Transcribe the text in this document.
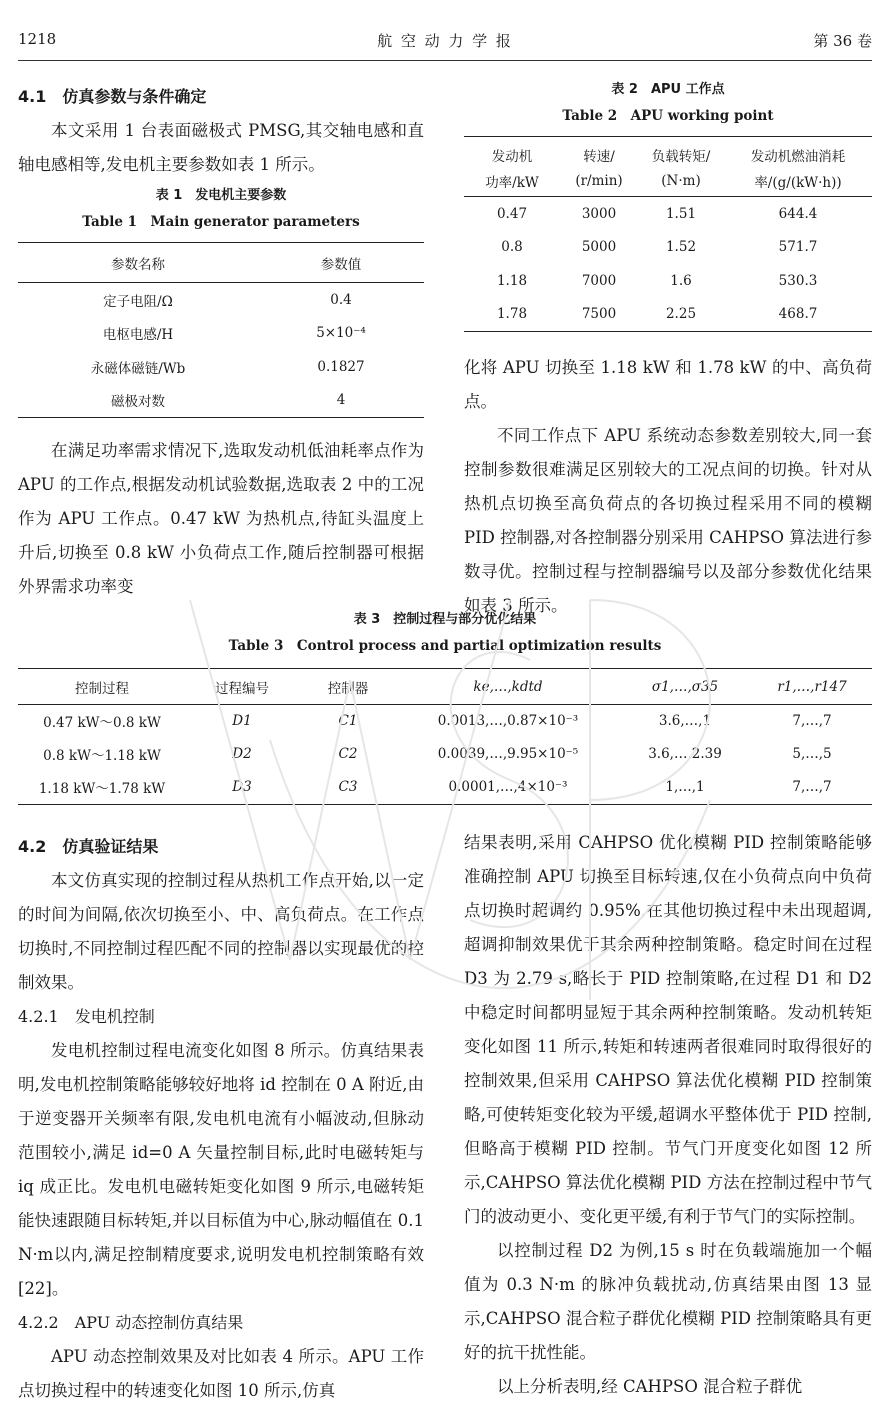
1218	航 空 动 力 学 报	第 36 卷
4.1　仿真参数与条件确定

本文采用 1 台表面磁极式 PMSG,其交轴电感和直轴电感相等,发电机主要参数如表 1 所示。

表 1　发电机主要参数
Table 1　Main generator parameters
参数名称	参数值
定子电阻/Ω	0.4
电枢电感/H	5×10⁻⁴
永磁体磁链/Wb	0.1827
磁极对数	4

在满足功率需求情况下,选取发动机低油耗率点作为 APU 的工作点,根据发动机试验数据,选取表 2 中的工况作为 APU 工作点。0.47 kW 为热机点,待缸头温度上升后,切换至 0.8 kW 小负荷点工作,随后控制器可根据外界需求功率变

表 2　APU 工作点
Table 2　APU working point
发动机	转速/	负载转矩/	发动机燃油消耗
功率/kW	(r/min)	(N·m)	率/(g/(kW·h))
0.47	3000	1.51	644.4
0.8	5000	1.52	571.7
1.18	7000	1.6	530.3
1.78	7500	2.25	468.7

化将 APU 切换至 1.18 kW 和 1.78 kW 的中、高负荷点。

不同工作点下 APU 系统动态参数差别较大,同一套控制参数很难满足区别较大的工况点间的切换。针对从热机点切换至高负荷点的各切换过程采用不同的模糊 PID 控制器,对各控制器分别采用 CAHPSO 算法进行参数寻优。控制过程与控制器编号以及部分参数优化结果如表 3 所示。

表 3　控制过程与部分优化结果
Table 3　Control process and partial optimization results
控制过程	过程编号	控制器	ke,…,kdtd	σ1,…,σ35	r1,…,r147
0.47 kW～0.8 kW	D1	C1	0.0013,…,0.87×10⁻³	3.6,…,1	7,…,7
0.8 kW～1.18 kW	D2	C2	0.0039,…,9.95×10⁻⁵	3.6,…,2.39	5,…,5
1.18 kW～1.78 kW	D3	C3	0.0001,…,4×10⁻³	1,…,1	7,…,7
4.2　仿真验证结果

本文仿真实现的控制过程从热机工作点开始,以一定的时间为间隔,依次切换至小、中、高负荷点。在工作点切换时,不同控制过程匹配不同的控制器以实现最优的控制效果。

4.2.1　发电机控制

发电机控制过程电流变化如图 8 所示。仿真结果表明,发电机控制策略能够较好地将 id 控制在 0 A 附近,由于逆变器开关频率有限,发电机电流有小幅波动,但脉动范围较小,满足 id=0 A 矢量控制目标,此时电磁转矩与 iq 成正比。发电机电磁转矩变化如图 9 所示,电磁转矩能快速跟随目标转矩,并以目标值为中心,脉动幅值在 0.1 N·m以内,满足控制精度要求,说明发电机控制策略有效[22]。

4.2.2　APU 动态控制仿真结果

APU 动态控制效果及对比如表 4 所示。APU 工作点切换过程中的转速变化如图 10 所示,仿真

结果表明,采用 CAHPSO 优化模糊 PID 控制策略能够准确控制 APU 切换至目标转速,仅在小负荷点向中负荷点切换时超调约 0.95%,在其他切换过程中未出现超调,超调抑制效果优于其余两种控制策略。稳定时间在过程 D3 为 2.79 s,略长于 PID 控制策略,在过程 D1 和 D2 中稳定时间都明显短于其余两种控制策略。发动机转矩变化如图 11 所示,转矩和转速两者很难同时取得很好的控制效果,但采用 CAHPSO 算法优化模糊 PID 控制策略,可使转矩变化较为平缓,超调水平整体优于 PID 控制,但略高于模糊 PID 控制。节气门开度变化如图 12 所示,CAHPSO 算法优化模糊 PID 方法在控制过程中节气门的波动更小、变化更平缓,有利于节气门的实际控制。

以控制过程 D2 为例,15 s 时在负载端施加一个幅值为 0.3 N·m 的脉冲负载扰动,仿真结果由图 13 显示,CAHPSO 混合粒子群优化模糊 PID 控制策略具有更好的抗干扰性能。

以上分析表明,经 CAHPSO 混合粒子群优
